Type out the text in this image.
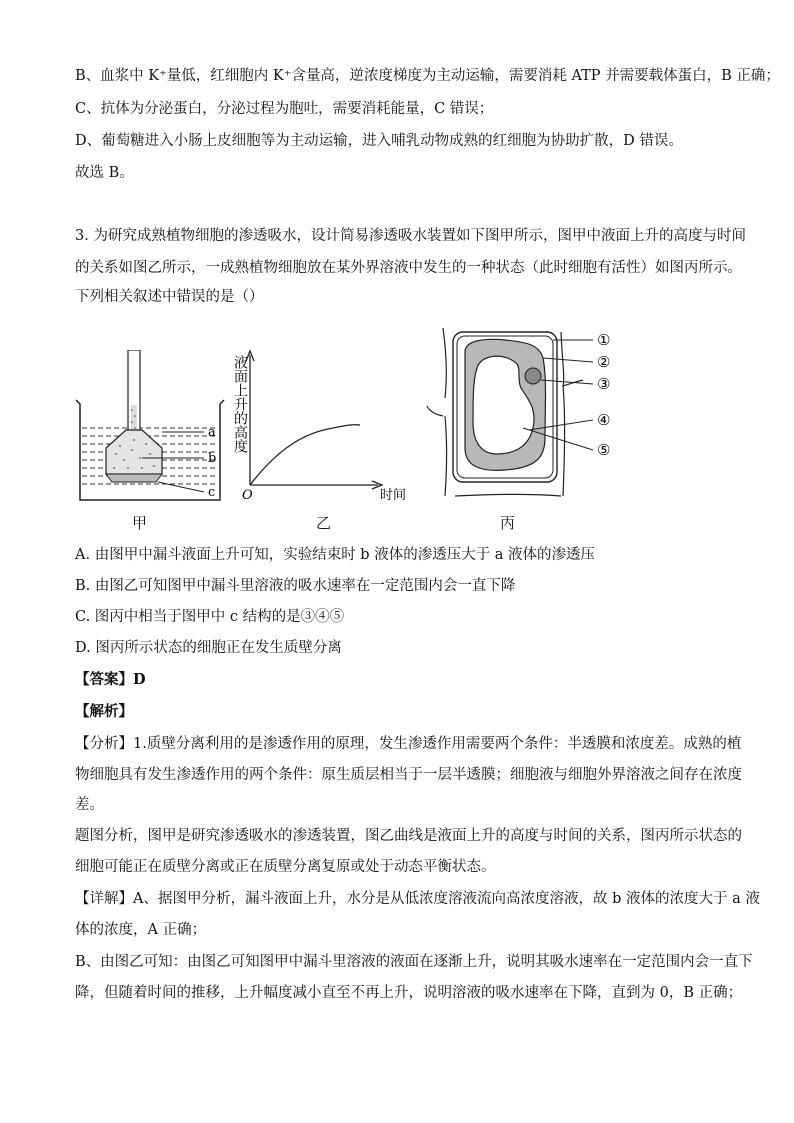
B、血浆中 K⁺量低，红细胞内 K⁺含量高，逆浓度梯度为主动运输，需要消耗 ATP 并需要载体蛋白，B 正确；
C、抗体为分泌蛋白，分泌过程为胞吐，需要消耗能量，C 错误；
D、葡萄糖进入小肠上皮细胞等为主动运输，进入哺乳动物成熟的红细胞为协助扩散，D 错误。
故选 B。
3. 为研究成熟植物细胞的渗透吸水，设计简易渗透吸水装置如下图甲所示，图甲中液面上升的高度与时间
的关系如图乙所示，一成熟植物细胞放在某外界溶液中发生的一种状态（此时细胞有活性）如图丙所示。
下列相关叙述中错误的是（）
a
b
c
甲
液面上升的高度
O	时间
乙
①
②
③
④
⑤
丙
A. 由图甲中漏斗液面上升可知，实验结束时 b 液体的渗透压大于 a 液体的渗透压
B. 由图乙可知图甲中漏斗里溶液的吸水速率在一定范围内会一直下降
C. 图丙中相当于图甲中 c 结构的是③④⑤
D. 图丙所示状态的细胞正在发生质壁分离
【答案】D
【解析】
【分析】1.质壁分离利用的是渗透作用的原理，发生渗透作用需要两个条件：半透膜和浓度差。成熟的植
物细胞具有发生渗透作用的两个条件：原生质层相当于一层半透膜；细胞液与细胞外界溶液之间存在浓度
差。
题图分析，图甲是研究渗透吸水的渗透装置，图乙曲线是液面上升的高度与时间的关系，图丙所示状态的
细胞可能正在质壁分离或正在质壁分离复原或处于动态平衡状态。
【详解】A、据图甲分析，漏斗液面上升，水分是从低浓度溶液流向高浓度溶液，故 b 液体的浓度大于 a 液
体的浓度，A 正确；
B、由图乙可知：由图乙可知图甲中漏斗里溶液的液面在逐渐上升，说明其吸水速率在一定范围内会一直下
降，但随着时间的推移，上升幅度减小直至不再上升，说明溶液的吸水速率在下降，直到为 0，B 正确；
